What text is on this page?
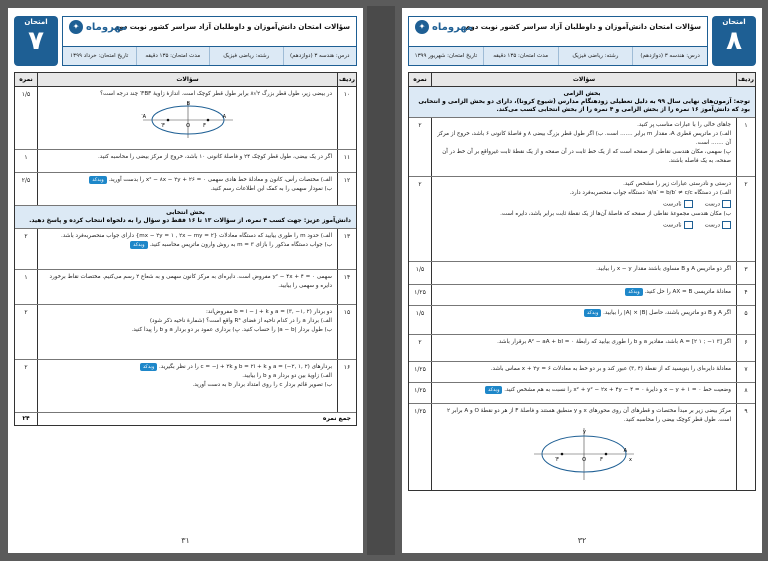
امتحان
۷	✦ مهروماه
سؤالات امتحان دانش‌آموزان و داوطلبان آزاد سراسر کشور نوبت دوم
درس: هندسه ۳ (دوازدهم)
رشته: ریاضی فیزیک
مدت امتحان: ۱۳۵ دقیقه
تاریخ امتحان: خرداد ۱۳۹۹
ردیف
سؤالات
نمره
۱۰
در بیضی زیر، طول قطر بزرگ ۲√۸ برابر طول قطر کوچک است. اندازهٔ زاویهٔ FBF′ چند درجه است؟
A′	A
B
O
F′	F
۱/۵
۱۱
اگر در یک بیضی، طول قطر کوچک ۲۴ و فاصلهٔ کانونی ۱۰ باشد، خروج از مرکز بیضی را محاسبه کنید.
۱
۱۲
الف) مختصات رأس، کانون و معادلهٔ خط هادی سهمی x² − ۸x − ۲y + ۲۶ = ۰ را بدست آورید. ویدکد
ب) نمودار سهمی را به کمک این اطلاعات رسم کنید.
۲/۵
بخش انتخابی
دانش‌آموز عزیز: جهت کسب ۴ نمره، از سؤالات ۱۳ تا ۱۶ فقط دو سؤال را به دلخواه انتخاب کرده و پاسخ دهید.
۱۳
الف) حدود m را طوری بیابید که دستگاه معادلات {mx − ۲y = ۱ , ۲x − my = ۲} دارای جواب منحصربه‌فرد باشد.
ب) جواب دستگاه مذکور را بازای m = ۳ به روش وارون ماتریس محاسبه کنید. ویدکد
۲
۱۴
سهمی y² − ۴x + ۴ = ۰ مفروض است. دایره‌ای به مرکز کانون سهمی و به شعاع ۲ رسم می‌کنیم. مختصات نقاط برخورد دایره و سهمی را بیابید.
۱
۱۵
دو بردار a = (۳, −۱, ۲) و b = i − j + k مفروض‌اند:
الف) بردار a را در کدام ناحیه از فضای R³ واقع است؟ (شمارهٔ ناحیه ذکر شود)
ب) طول بردار |a − b| را حساب کنید. پ) برداری عمود بر دو بردار a و b را پیدا کنید.
۲
۱۶
بردارهای a = (−۲, ۱, ۲) و b = ۲i + k و c = −j + ۲k را در نظر بگیرید. ویدکد
الف) زاویهٔ بین دو بردار a و b را بیابید.
ب) تصویر قائم بردار c را روی امتداد بردار b به دست آورید.
۲
جمع نمره
۲۴
۳۱
✦ مهروماه
سؤالات امتحان دانش‌آموزان و داوطلبان آزاد سراسر کشور نوبت دوم
درس: هندسه ۳ (دوازدهم)
رشته: ریاضی فیزیک
مدت امتحان: ۱۳۵ دقیقه
تاریخ امتحان: شهریور ۱۳۹۹
امتحان
۸
ردیف
سؤالات
نمره
بخش الزامی
توجه: آزمون‌های نهایی سال ۹۹ به دلیل تعطیلی زودهنگام مدارس (شیوع کرونا)، دارای دو بخش الزامی و انتخابی بود که دانش‌آموز ۱۶ نمره را از بخش الزامی و ۴ نمره را از بخش انتخابی کسب می‌کند.
۱
جاهای خالی را با عبارات مناسب پر کنید.
الف) در ماتریس قطری A، مقدار m برابر ....... است. ب) اگر طول قطر بزرگ بیضی ۸ و فاصلهٔ کانونی ۶ باشد، خروج از مرکز آن ....... است.
پ) سهمی، مکان هندسی نقاطی از صفحه است که از یک خط ثابت در آن صفحه و از یک نقطهٔ ثابت غیرواقع بر آن خط در آن صفحه، به یک فاصله باشند.
۲
۲
درستی و نادرستی عبارات زیر را مشخص کنید.
الف) در دستگاه a/a′ = b/b′ ≠ c/c′ دستگاه جواب منحصربه‌فرد دارد.
درست
نادرست
ب) مکان هندسی مجموعهٔ نقاطی از صفحه که فاصلهٔ آن‌ها از یک نقطهٔ ثابت برابر باشد، دایره است.
درست
نادرست
۲
۳
اگر دو ماتریس A و B مساوی باشند مقدار x − y را بیابید.
۱/۵
۴
معادلهٔ ماتریسی AX = B را حل کنید. ویدکد
۱/۲۵
۵
اگر A و B دو ماتریس باشند، حاصل |A| × |B| را بیابید. ویدکد
۱/۵
۶
اگر A = [۲ ۱ ; −۱ ۳] باشد، مقادیر a و b را طوری بیابید که رابطهٔ A² − aA + bI = ۰ برقرار باشد.
۲
۷
معادلهٔ دایره‌ای را بنویسید که از نقطهٔ (۴ ,۳) عبور کند و بر دو خط به معادلات x + ۲y = ۶ مماس باشد.
۱/۲۵
۸
وضعیت خط x − y + ۱ = ۰ و دایرهٔ x² + y² − ۲x + ۴y − ۴ = ۰ را نسبت به هم مشخص کنید. ویدکد
۱/۲۵
۹
مرکز بیضی زیر بر مبدأ مختصات و قطرهای آن روی محورهای x و y منطبق هستند و فاصلهٔ F از هر دو نقطهٔ O و A برابر ۲ است. طول قطر کوچک بیضی را محاسبه کنید.
A
O
F′	F
y
x
۱/۲۵
۳۲
